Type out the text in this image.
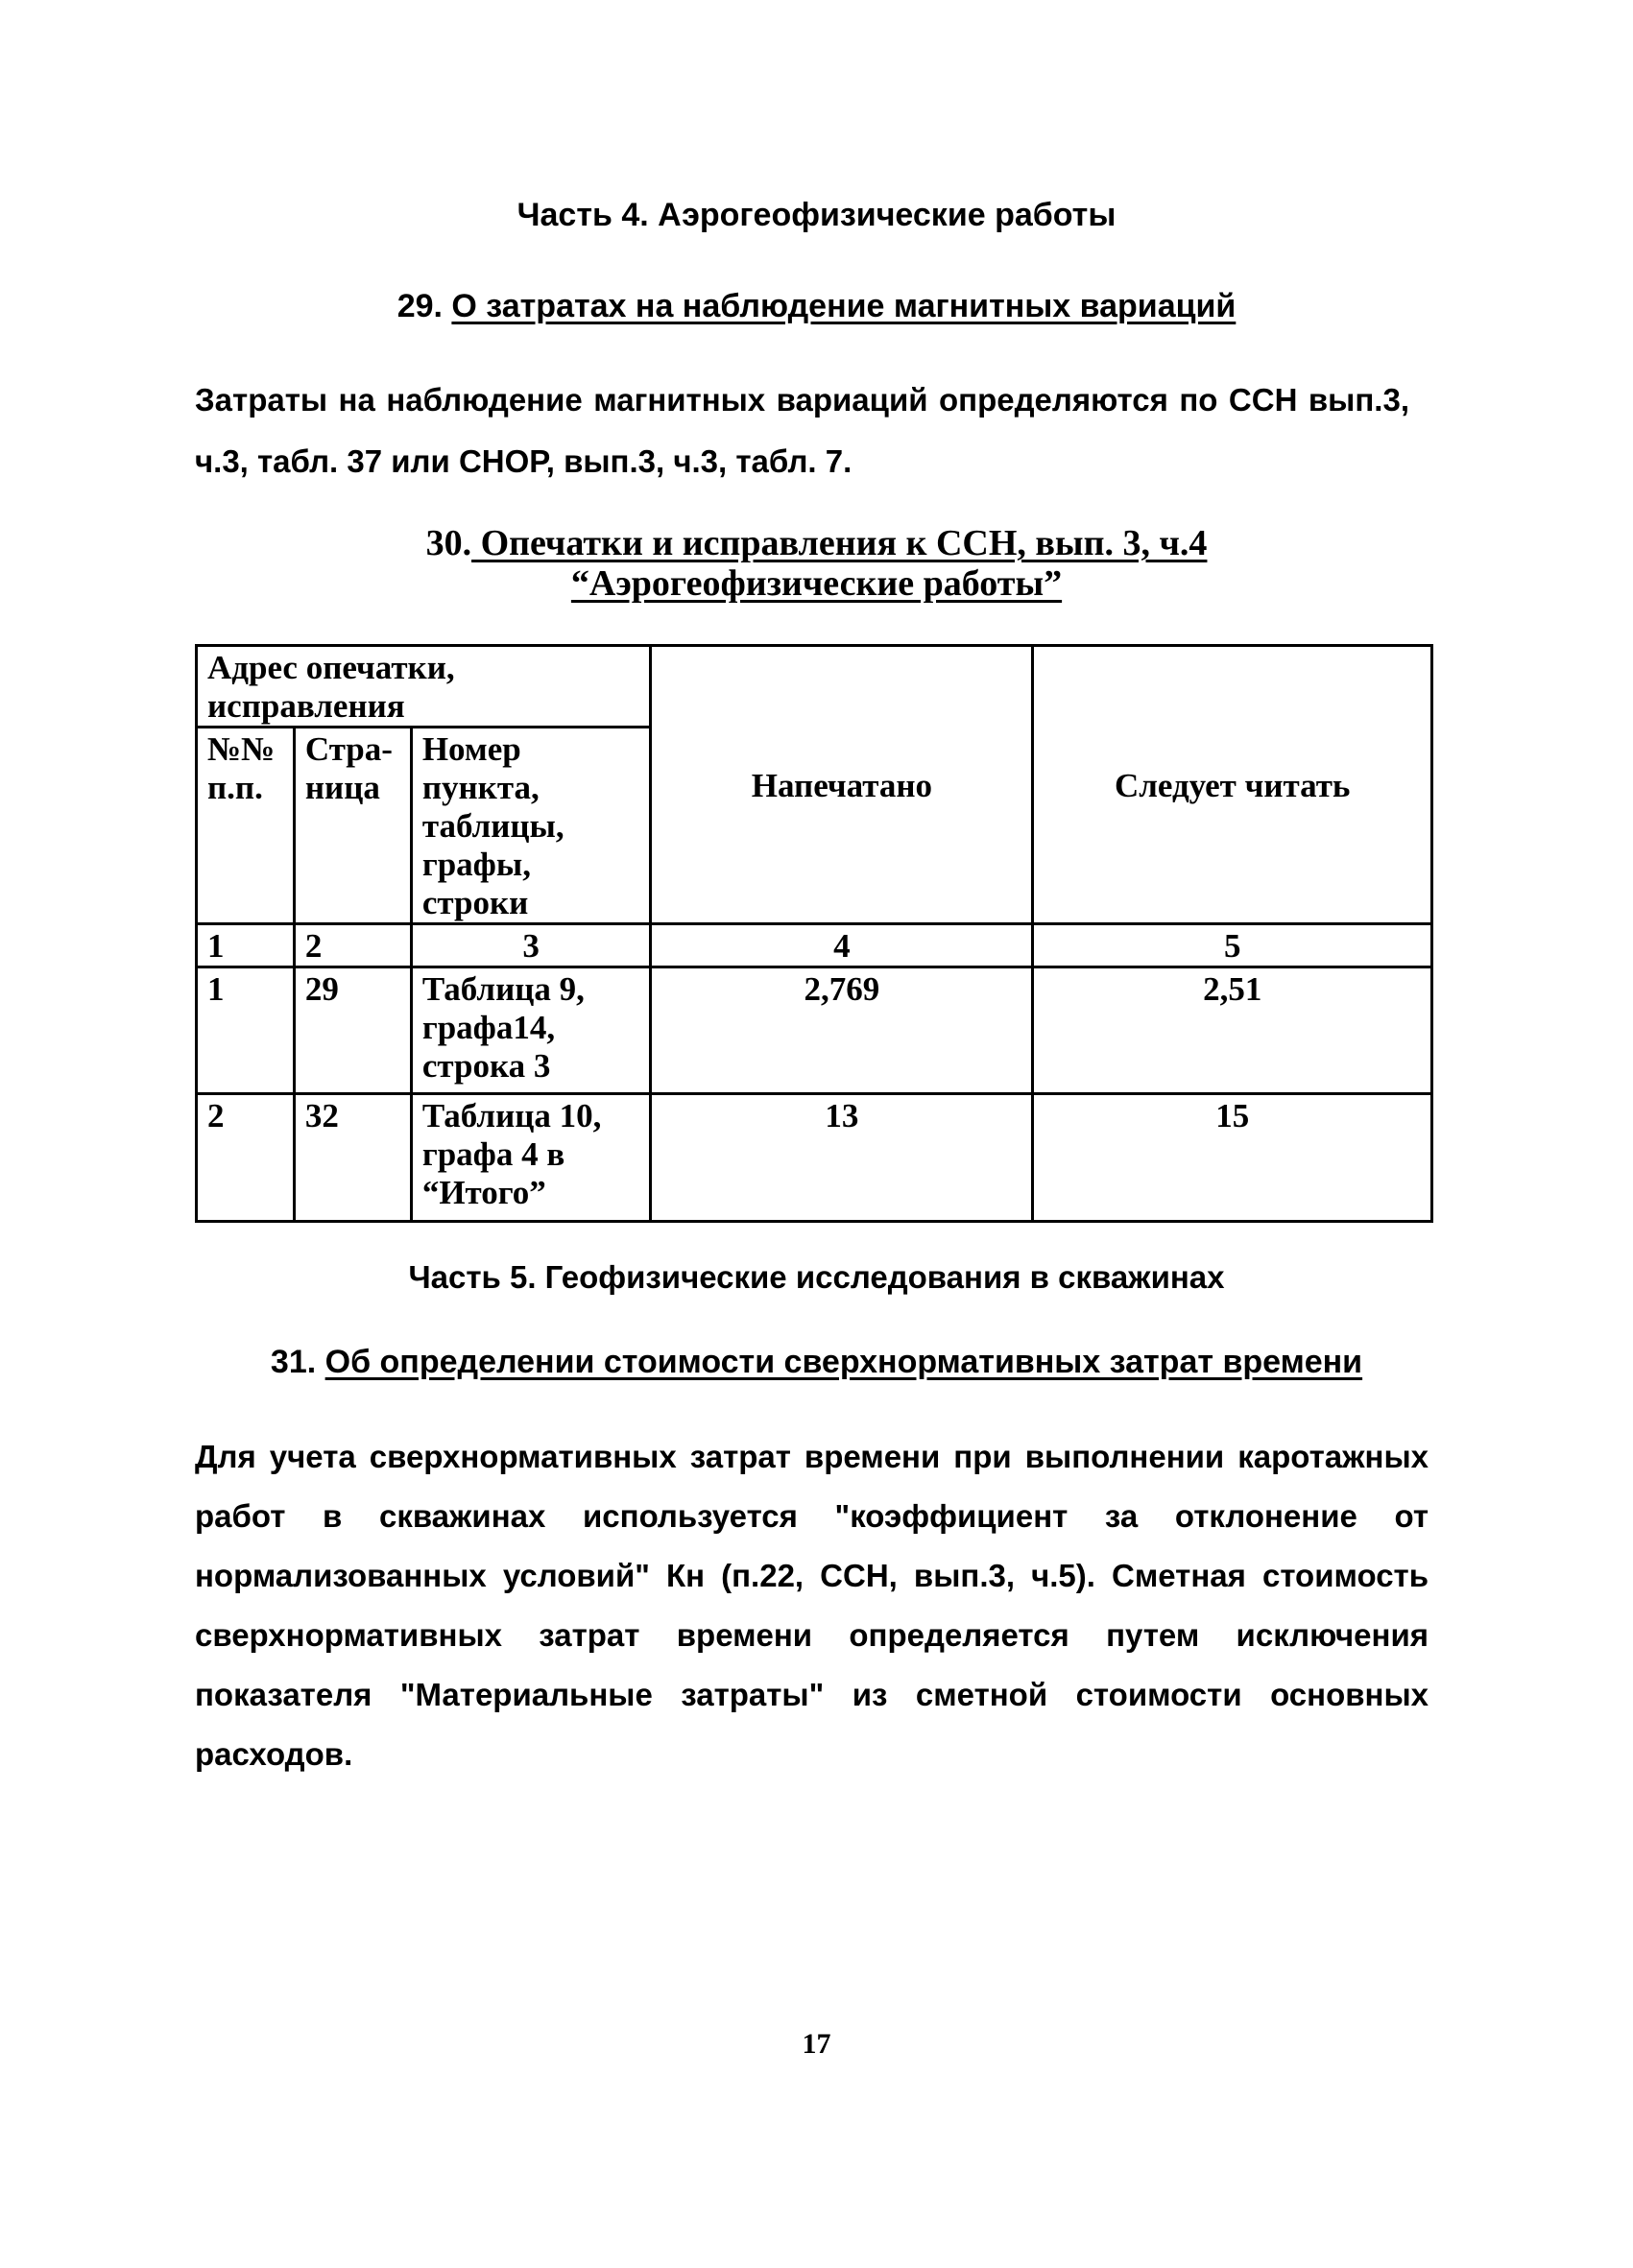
Часть 4. Аэрогеофизические работы
29. О затратах на наблюдение магнитных вариаций
Затраты на наблюдение магнитных вариаций определяются по ССН вып.3, ч.3, табл. 37 или СНОР, вып.3, ч.3, табл. 7.
30. Опечатки и исправления к ССН, вып. 3, ч.4
“Аэрогеофизические работы”
Адрес опечатки, исправления			Напечатано	Следует читать
№№ п.п.	Стра-ница	Номер пункта, таблицы, графы, строки		
1	2	3	4	5
1	29	Таблица 9, графа14, строка 3	2,769	2,51
2	32	Таблица 10, графа 4 в “Итого”	13	15
Часть 5. Геофизические исследования в скважинах
31. Об определении стоимости сверхнормативных затрат времени
Для учета сверхнормативных затрат времени при выполнении каротажных работ в скважинах используется "коэффициент за отклонение от нормализованных условий" Кн (п.22, ССН, вып.3, ч.5). Сметная стоимость сверхнормативных затрат времени определяется путем исключения показателя "Материальные затраты" из сметной стоимости основных расходов.
17
